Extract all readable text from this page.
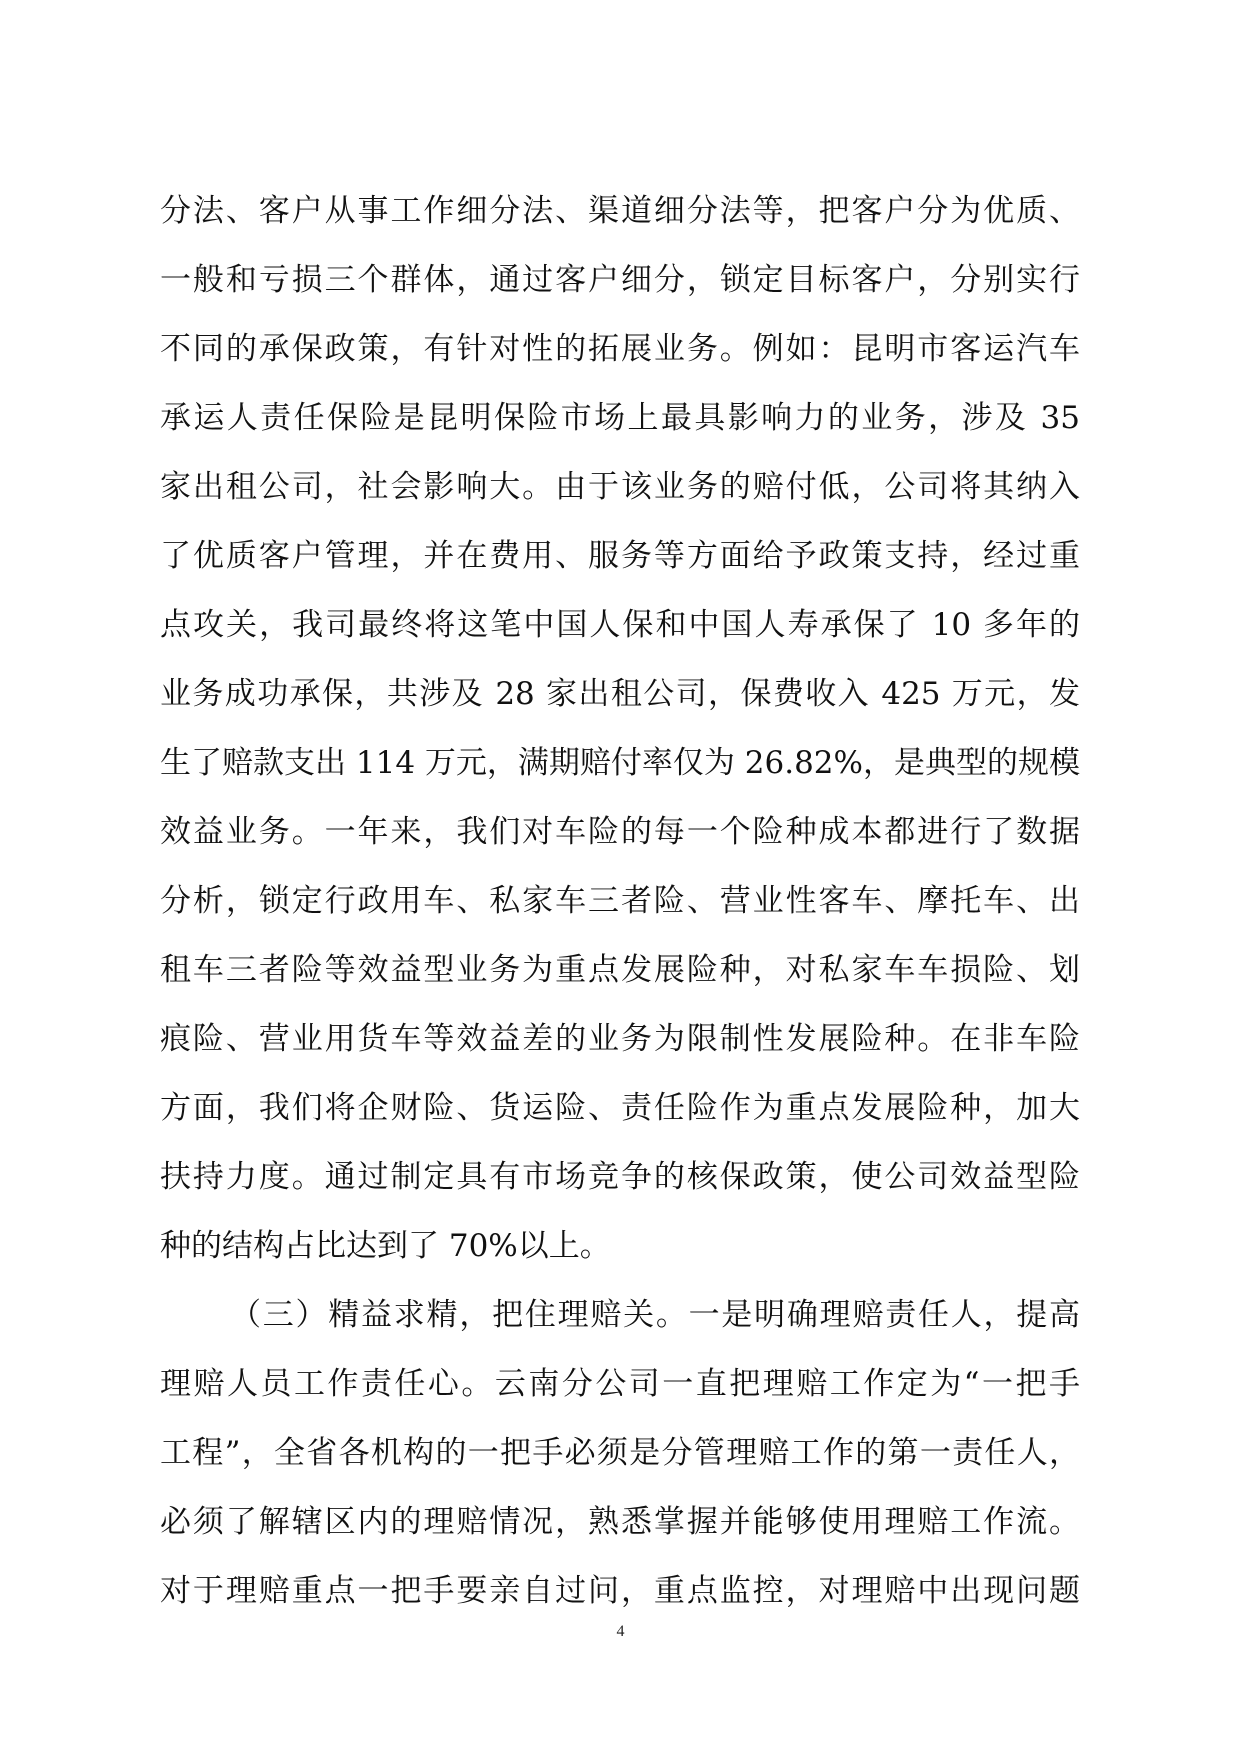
分法、客户从事工作细分法、渠道细分法等，把客户分为优质、
一般和亏损三个群体，通过客户细分，锁定目标客户，分别实行
不同的承保政策，有针对性的拓展业务。例如：昆明市客运汽车
承运人责任保险是昆明保险市场上最具影响力的业务，涉及 35
家出租公司，社会影响大。由于该业务的赔付低，公司将其纳入
了优质客户管理，并在费用、服务等方面给予政策支持，经过重
点攻关，我司最终将这笔中国人保和中国人寿承保了 10 多年的
业务成功承保，共涉及 28 家出租公司，保费收入 425 万元，发
生了赔款支出 114 万元，满期赔付率仅为 26.82%，是典型的规模
效益业务。一年来，我们对车险的每一个险种成本都进行了数据
分析，锁定行政用车、私家车三者险、营业性客车、摩托车、出
租车三者险等效益型业务为重点发展险种，对私家车车损险、划
痕险、营业用货车等效益差的业务为限制性发展险种。在非车险
方面，我们将企财险、货运险、责任险作为重点发展险种，加大
扶持力度。通过制定具有市场竞争的核保政策，使公司效益型险
种的结构占比达到了 70%以上。
（三）精益求精，把住理赔关。一是明确理赔责任人，提高
理赔人员工作责任心。云南分公司一直把理赔工作定为“一把手
工程”，全省各机构的一把手必须是分管理赔工作的第一责任人，
必须了解辖区内的理赔情况，熟悉掌握并能够使用理赔工作流。
对于理赔重点一把手要亲自过问，重点监控，对理赔中出现问题
4
